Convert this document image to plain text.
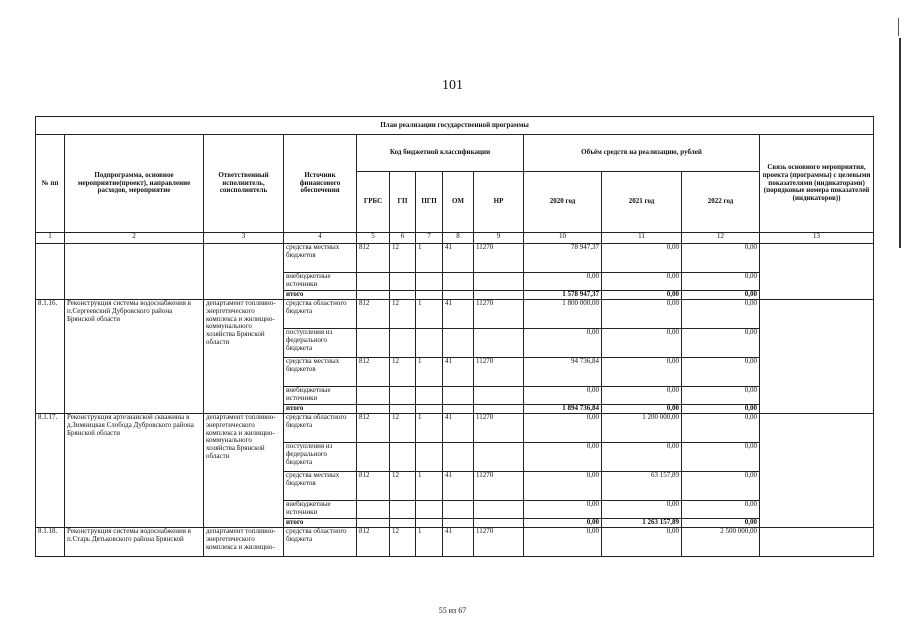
101
План реализации государственной программы												
№ пп	Подпрограмма, основное мероприятие(проект), направление расходов, мероприятие	Ответственный исполнитель, соисполнитель	Источник финансового обеспечения	Код бюджетной классификации					Объём средств на реализацию, рублей			Связь основного мероприятия, проекта (программы) с целевыми показателями (индикаторами) (порядковые номера показателей (индикаторов))
				ГРБС	ГП	ПГП	ОМ	НР	2020 год	2021 год	2022 год	
1	2	3	4	5	6	7	8	9	10	11	12	13
			средства местных бюджетов	812	12	1	41	11270	78 947,37	0,00	0,00	
			внебюджетные источники						0,00	0,00	0,00	
			итого						1 578 947,37	0,00	0,00	
8.1.16.	Реконструкция системы водоснабжения в п.Сергеевский Дубровского района Брянской области	департамент топливно-энергетического комплекса и жилищно-коммунального хозяйства Брянской области	средства областного бюджета	812	12	1	41	11270	1 800 000,00	0,00	0,00	
			поступления из федерального бюджета						0,00	0,00	0,00	
			средства местных бюджетов	812	12	1	41	11270	94 736,84	0,00	0,00	
			внебюджетные источники						0,00	0,00	0,00	
			итого						1 894 736,84	0,00	0,00	
8.1.17.	Реконструкция артезианской скважины в д.Зимницкая Слобода Дубровского района Брянской области	департамент топливно-энергетического комплекса и жилищно-коммунального хозяйства Брянской области	средства областного бюджета	812	12	1	41	11270	0,00	1 200 000,00	0,00	
			поступления из федерального бюджета						0,00	0,00	0,00	
			средства местных бюджетов	812	12	1	41	11270	0,00	63 157,89	0,00	
			внебюджетные источники						0,00	0,00	0,00	
			итого						0,00	1 263 157,89	0,00	
8.1.18.	Реконструкция системы водоснабжения в п.Старь Дятьковского района Брянской	департамент топливно-энергетического комплекса и жилищно-	средства областного бюджета	812	12	1	41	11270	0,00	0,00	2 500 000,00	
55 из 67
